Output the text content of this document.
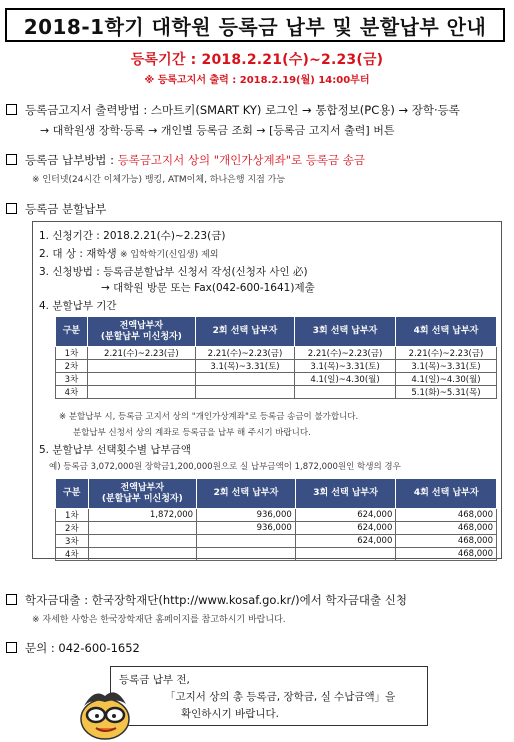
2018-1학기 대학원 등록금 납부 및 분할납부 안내
등록기간 : 2018.2.21(수)~2.23(금)
※ 등록고지서 출력 : 2018.2.19(월) 14:00부터
등록금고지서 출력방법 : 스마트키(SMART KY) 로그인 → 통합정보(PC용) → 장학·등록
→ 대학원생 장학·등록 → 개인별 등록금 조회 → [등록금 고지서 출력] 버튼
등록금 납부방법 : 등록금고지서 상의 "개인가상계좌"로 등록금 송금
※ 인터넷(24시간 이체가능) 뱅킹, ATM이체, 하나은행 지점 가능
등록금 분할납부
1. 신청기간 : 2018.2.21(수)~2.23(금)
2. 대 상 : 재학생 ※ 입학학기(신입생) 제외
3. 신청방법 : 등록금분할납부 신청서 작성(신청자 사인 必)
→ 대학원 방문 또는 Fax(042-600-1641)제출
4. 분할납부 기간
구분	전액납부자
(분할납부 미신청자)	2회 선택 납부자	3회 선택 납부자	4회 선택 납부자
1차	2.21(수)~2.23(금)	2.21(수)~2.23(금)	2.21(수)~2.23(금)	2.21(수)~2.23(금)
2차		3.1(목)~3.31(토)	3.1(목)~3.31(토)	3.1(목)~3.31(토)
3차			4.1(일)~4.30(월)	4.1(일)~4.30(월)
4차				5.1(화)~5.31(목)
※ 분할납부 시, 등록금 고지서 상의 "개인가상계좌"로 등록금 송금이 불가합니다.
분할납부 신청서 상의 계좌로 등록금을 납부 해 주시기 바랍니다.
5. 분할납부 선택횟수별 납부금액
예) 등록금 3,072,000원 장학금1,200,000원으로 실 납부금액이 1,872,000원인 학생의 경우
구분	전액납부자
(분할납부 미신청자)	2회 선택 납부자	3회 선택 납부자	4회 선택 납부자
1차	1,872,000	936,000	624,000	468,000
2차		936,000	624,000	468,000
3차			624,000	468,000
4차				468,000
학자금대출 : 한국장학재단(http://www.kosaf.go.kr/)에서 학자금대출 신청
※ 자세한 사항은 한국장학재단 홈페이지를 참고하시기 바랍니다.
문의 : 042-600-1652
등록금 납부 전,
「고지서 상의 총 등록금, 장학금, 실 수납금액」을
확인하시기 바랍니다.
